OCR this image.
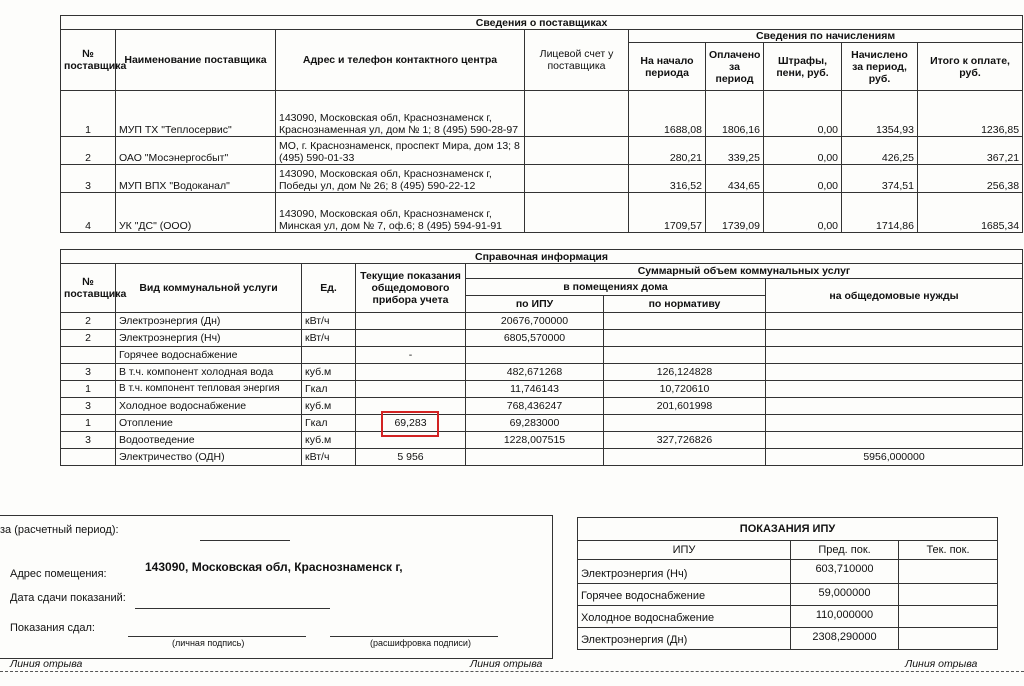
Сведения о поставщиках								
№ поставщика	Наименование поставщика	Адрес и телефон контактного центра	Лицевой счет у поставщика	Сведения по начислениям				
				На начало периода	Оплачено за период	Штрафы, пени, руб.	Начислено за период, руб.	Итого к оплате, руб.
1	МУП ТХ "Теплосервис"	143090, Московская обл, Краснознаменск г, Краснознаменная ул, дом № 1; 8 (495) 590-28-97		1688,08	1806,16	0,00	1354,93	1236,85
2	ОАО "Мосэнергосбыт"	МО, г. Краснознаменск, проспект Мира, дом 13; 8 (495) 590-01-33		280,21	339,25	0,00	426,25	367,21
3	МУП ВПХ "Водоканал"	143090, Московская обл, Краснознаменск г, Победы ул, дом № 26; 8 (495) 590-22-12		316,52	434,65	0,00	374,51	256,38
4	УК "ДС" (ООО)	143090, Московская обл, Краснознаменск г, Минская ул, дом № 7, оф.6; 8 (495) 594-91-91		1709,57	1739,09	0,00	1714,86	1685,34
Справочная информация						
№ поставщика	Вид коммунальной услуги	Ед.	Текущие показания общедомового прибора учета	Суммарный объем коммунальных услуг		
				в помещениях дома		на общедомовые нужды
				по ИПУ	по нормативу	
2	Электроэнергия (Дн)	кВт/ч		20676,700000		
2	Электроэнергия (Нч)	кВт/ч		6805,570000		
	Горячее водоснабжение		-			
3	В т.ч. компонент холодная вода	куб.м		482,671268	126,124828	
1	В т.ч. компонент тепловая энергия	Гкал		11,746143	10,720610	
3	Холодное водоснабжение	куб.м		768,436247	201,601998	
1	Отопление	Гкал	69,283	69,283000		
3	Водоотведение	куб.м		1228,007515	327,726826	
	Электричество (ОДН)	кВт/ч	5 956			5956,000000
за (расчетный период):
Адрес помещения:	143090, Московская обл, Краснознаменск г,
Дата сдачи показаний:
Показания сдал:
(личная подпись)	(расшифровка подписи)
ПОКАЗАНИЯ ИПУ		
ИПУ	Пред. пок.	Тек. пок.
Электроэнергия (Нч)	603,710000	
Горячее водоснабжение	59,000000	
Холодное водоснабжение	110,000000	
Электроэнергия (Дн)	2308,290000	
Линия отрыва	Линия отрыва	Линия отрыва
